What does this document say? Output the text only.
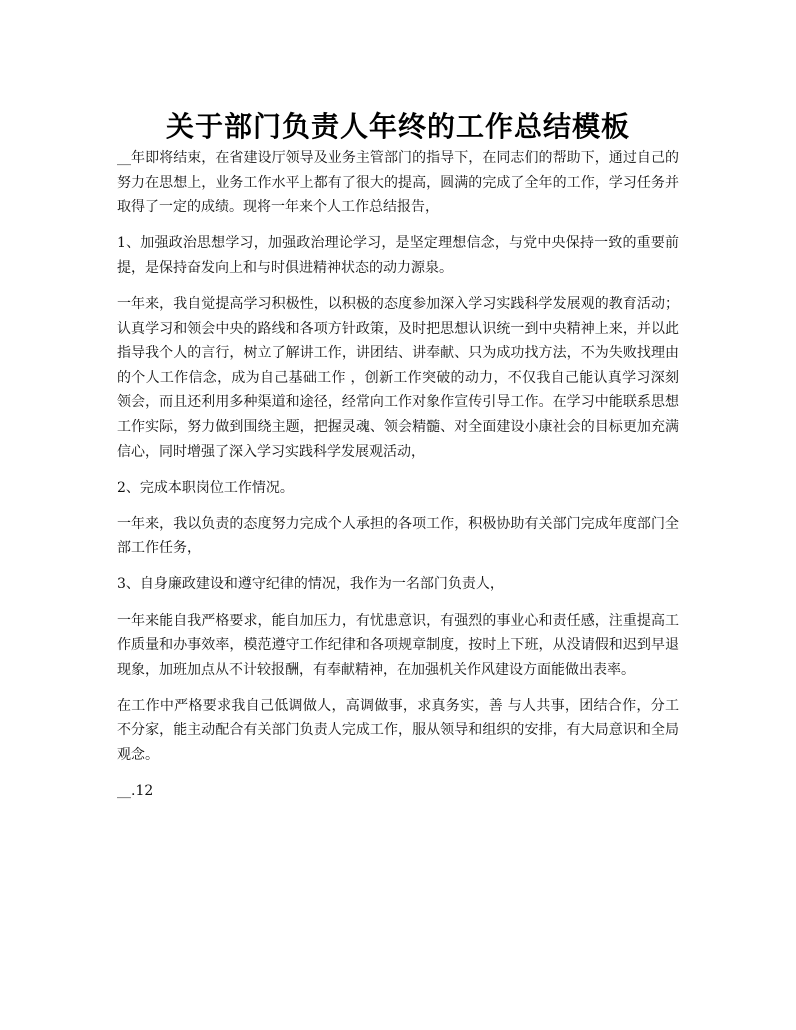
关于部门负责人年终的工作总结模板

__年即将结束，在省建设厅领导及业务主管部门的指导下，在同志们的帮助下，通过自己的努力在思想上，业务工作水平上都有了很大的提高，圆满的完成了全年的工作，学习任务并取得了一定的成绩。现将一年来个人工作总结报告，

1、加强政治思想学习，加强政治理论学习，是坚定理想信念，与党中央保持一致的重要前提，是保持奋发向上和与时俱进精神状态的动力源泉。

一年来，我自觉提高学习积极性，以积极的态度参加深入学习实践科学发展观的教育活动；认真学习和领会中央的路线和各项方针政策，及时把思想认识统一到中央精神上来，并以此指导我个人的言行，树立了解讲工作，讲团结、讲奉献、只为成功找方法，不为失败找理由的个人工作信念，成为自己基础工作 ，创新工作突破的动力，不仅我自己能认真学习深刻领会，而且还利用多种渠道和途径，经常向工作对象作宣传引导工作。在学习中能联系思想工作实际，努力做到围绕主题，把握灵魂、领会精髓、对全面建设小康社会的目标更加充满信心，同时增强了深入学习实践科学发展观活动，

2、完成本职岗位工作情况。

一年来，我以负责的态度努力完成个人承担的各项工作，积极协助有关部门完成年度部门全部工作任务，

3、自身廉政建设和遵守纪律的情况，我作为一名部门负责人，

一年来能自我严格要求，能自加压力，有忧患意识，有强烈的事业心和责任感，注重提高工作质量和办事效率，模范遵守工作纪律和各项规章制度，按时上下班，从没请假和迟到早退现象，加班加点从不计较报酬，有奉献精神，在加强机关作风建设方面能做出表率。

在工作中严格要求我自己低调做人，高调做事，求真务实，善 与人共事，团结合作，分工不分家，能主动配合有关部门负责人完成工作，服从领导和组织的安排，有大局意识和全局观念。

__.12
